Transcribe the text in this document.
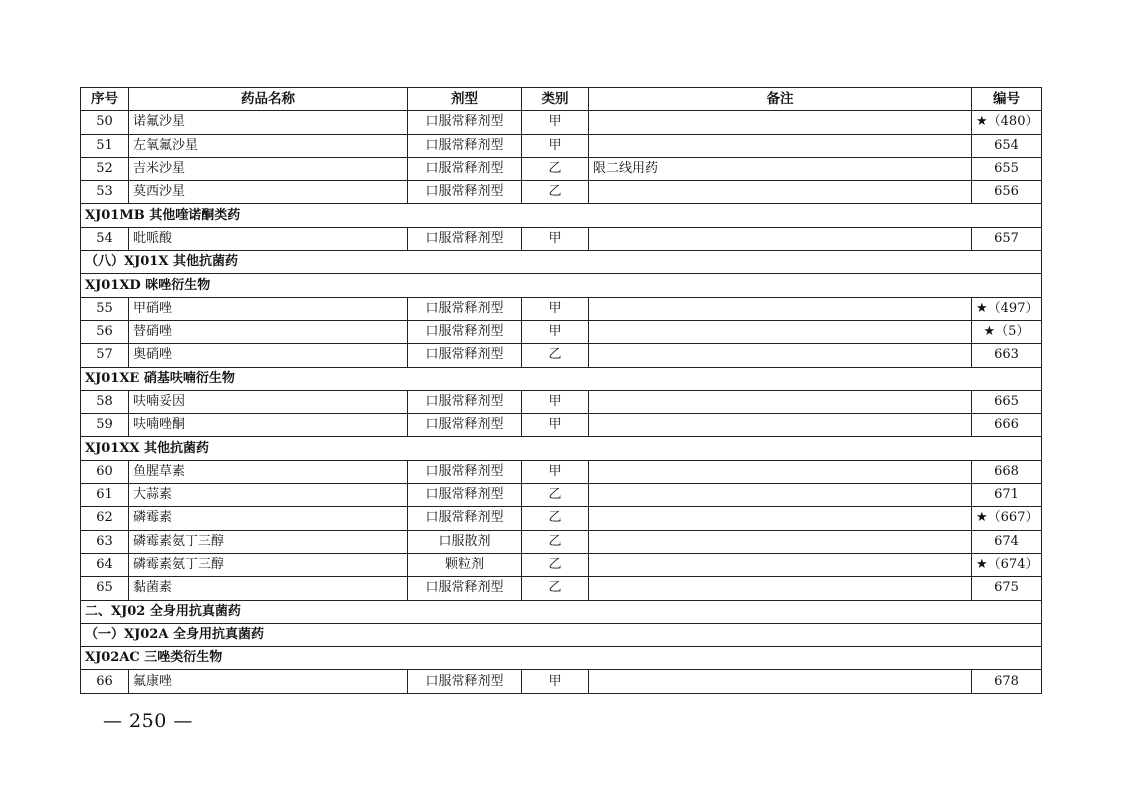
序号	药品名称	剂型	类别	备注	编号
50	诺氟沙星	口服常释剂型	甲		★（480）
51	左氧氟沙星	口服常释剂型	甲		654
52	吉米沙星	口服常释剂型	乙	限二线用药	655
53	莫西沙星	口服常释剂型	乙		656
XJ01MB 其他喹诺酮类药					
54	吡哌酸	口服常释剂型	甲		657
（八）XJ01X 其他抗菌药					
XJ01XD 咪唑衍生物					
55	甲硝唑	口服常释剂型	甲		★（497）
56	替硝唑	口服常释剂型	甲		★（5）
57	奥硝唑	口服常释剂型	乙		663
XJ01XE 硝基呋喃衍生物					
58	呋喃妥因	口服常释剂型	甲		665
59	呋喃唑酮	口服常释剂型	甲		666
XJ01XX 其他抗菌药					
60	鱼腥草素	口服常释剂型	甲		668
61	大蒜素	口服常释剂型	乙		671
62	磷霉素	口服常释剂型	乙		★（667）
63	磷霉素氨丁三醇	口服散剂	乙		674
64	磷霉素氨丁三醇	颗粒剂	乙		★（674）
65	黏菌素	口服常释剂型	乙		675
二、XJ02 全身用抗真菌药					
（一）XJ02A 全身用抗真菌药					
XJ02AC 三唑类衍生物					
66	氟康唑	口服常释剂型	甲		678
— 250 —
